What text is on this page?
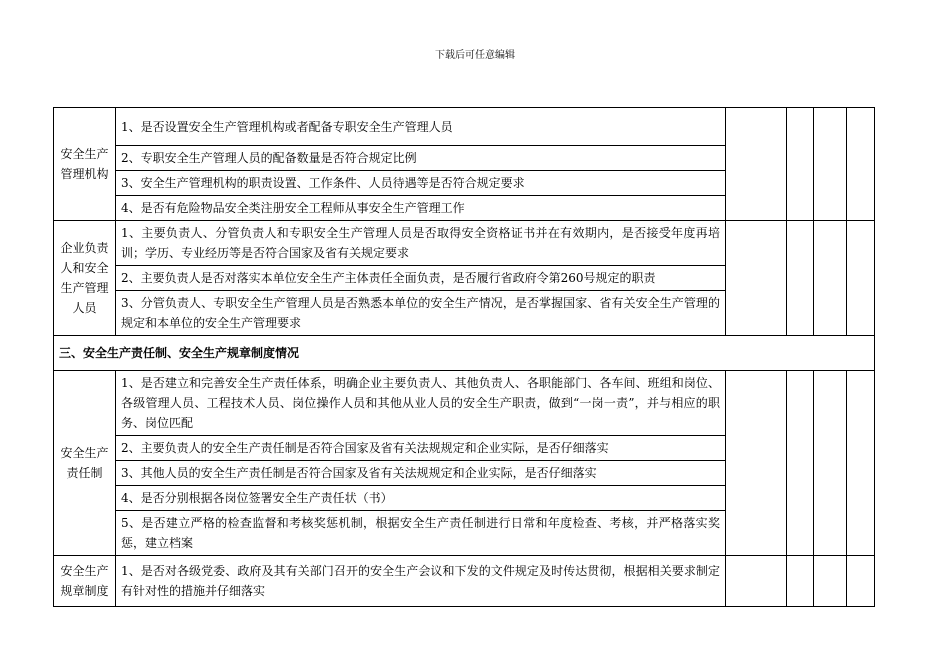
下载后可任意编辑
安全生产管理机构	1、是否设置安全生产管理机构或者配备专职安全生产管理人员				
	2、专职安全生产管理人员的配备数量是否符合规定比例				
	3、安全生产管理机构的职责设置、工作条件、人员待遇等是否符合规定要求				
	4、是否有危险物品安全类注册安全工程师从事安全生产管理工作				
企业负责人和安全生产管理人员	1、主要负责人、分管负责人和专职安全生产管理人员是否取得安全资格证书并在有效期内，是否接受年度再培训；学历、专业经历等是否符合国家及省有关规定要求				
	2、主要负责人是否对落实本单位安全生产主体责任全面负责，是否履行省政府令第260号规定的职责				
	3、分管负责人、专职安全生产管理人员是否熟悉本单位的安全生产情况，是否掌握国家、省有关安全生产管理的规定和本单位的安全生产管理要求				
三、安全生产责任制、安全生产规章制度情况					
安全生产责任制	1、是否建立和完善安全生产责任体系，明确企业主要负责人、其他负责人、各职能部门、各车间、班组和岗位、各级管理人员、工程技术人员、岗位操作人员和其他从业人员的安全生产职责，做到“一岗一责”，并与相应的职务、岗位匹配				
	2、主要负责人的安全生产责任制是否符合国家及省有关法规规定和企业实际，是否仔细落实				
	3、其他人员的安全生产责任制是否符合国家及省有关法规规定和企业实际，是否仔细落实				
	4、是否分别根据各岗位签署安全生产责任状（书）				
	5、是否建立严格的检查监督和考核奖惩机制，根据安全生产责任制进行日常和年度检查、考核，并严格落实奖惩，建立档案				
安全生产规章制度	1、是否对各级党委、政府及其有关部门召开的安全生产会议和下发的文件规定及时传达贯彻，根据相关要求制定有针对性的措施并仔细落实				
